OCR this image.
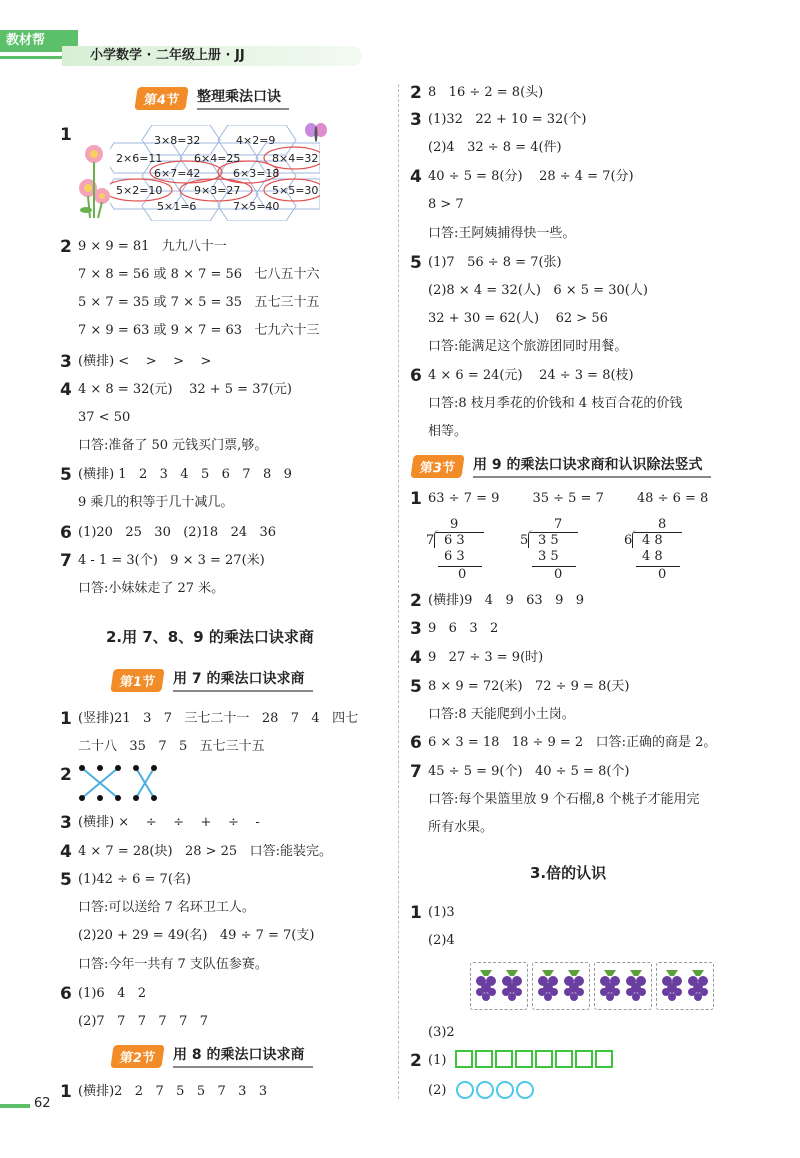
教材帮
小学数学 · 二年级上册 · JJ
第4节	整理乘法口诀
1	3×8=32	4×2=9
2×6=11	6×4=25	8×4=32
6×7=42	6×3=18
5×2=10	9×3=27	5×5=30
5×1=6	7×5=40
2 9 × 9 = 81   九九八十一
7 × 8 = 56 或 8 × 7 = 56   七八五十六
5 × 7 = 35 或 7 × 5 = 35   五七三十五
7 × 9 = 63 或 9 × 7 = 63   七九六十三
3 (横排) <    >    >    >
4 4 × 8 = 32(元)    32 + 5 = 37(元)
37 < 50
口答:准备了 50 元钱买门票,够。
5 (横排) 1   2   3   4   5   6   7   8   9
9 乘几的积等于几十减几。
6 (1)20   25   30   (2)18   24   36
7 4 - 1 = 3(个)   9 × 3 = 27(米)
口答:小妹妹走了 27 米。
2.用 7、8、9 的乘法口诀求商
第1节	用 7 的乘法口诀求商
1 (竖排)21   3   7   三七二十一   28   7   4   四七
二十八   35   7   5   五七三十五
2
3 (横排) ×    ÷    ÷    +    ÷    -
4 4 × 7 = 28(块)   28 > 25   口答:能装完。
5 (1)42 ÷ 6 = 7(名)
口答:可以送给 7 名环卫工人。
(2)20 + 29 = 49(名)   49 ÷ 7 = 7(支)
口答:今年一共有 7 支队伍参赛。
6 (1)6   4   2
(2)7   7   7   7   7   7
第2节	用 8 的乘法口诀求商
1 (横排)2   2   7   5   5   7   3   3
2 8   16 ÷ 2 = 8(头)
3 (1)32   22 + 10 = 32(个)
(2)4   32 ÷ 8 = 4(件)
4 40 ÷ 5 = 8(分)    28 ÷ 4 = 7(分)
8 > 7
口答:王阿姨捕得快一些。
5 (1)7   56 ÷ 8 = 7(张)
(2)8 × 4 = 32(人)   6 × 5 = 30(人)
32 + 30 = 62(人)    62 > 56
口答:能满足这个旅游团同时用餐。
6 4 × 6 = 24(元)    24 ÷ 3 = 8(枝)
口答:8 枝月季花的价钱和 4 枝百合花的价钱
相等。
第3节	用 9 的乘法口诀求商和认识除法竖式
1 63 ÷ 7 = 9        35 ÷ 5 = 7        48 ÷ 6 = 8
9
7 6 3
6 3
0
7
5 3 5
3 5
0
8
6 4 8
4 8
0
2 (横排)9   4   9   63   9   9
3 9   6   3   2
4 9   27 ÷ 3 = 9(时)
5 8 × 9 = 72(米)   72 ÷ 9 = 8(天)
口答:8 天能爬到小土岗。
6 6 × 3 = 18   18 ÷ 9 = 2   口答:正确的商是 2。
7 45 ÷ 5 = 9(个)   40 ÷ 5 = 8(个)
口答:每个果篮里放 9 个石榴,8 个桃子才能用完
所有水果。
3.倍的认识
1 (1)3
(2)4
(3)2
2 (1)
(2)
62
